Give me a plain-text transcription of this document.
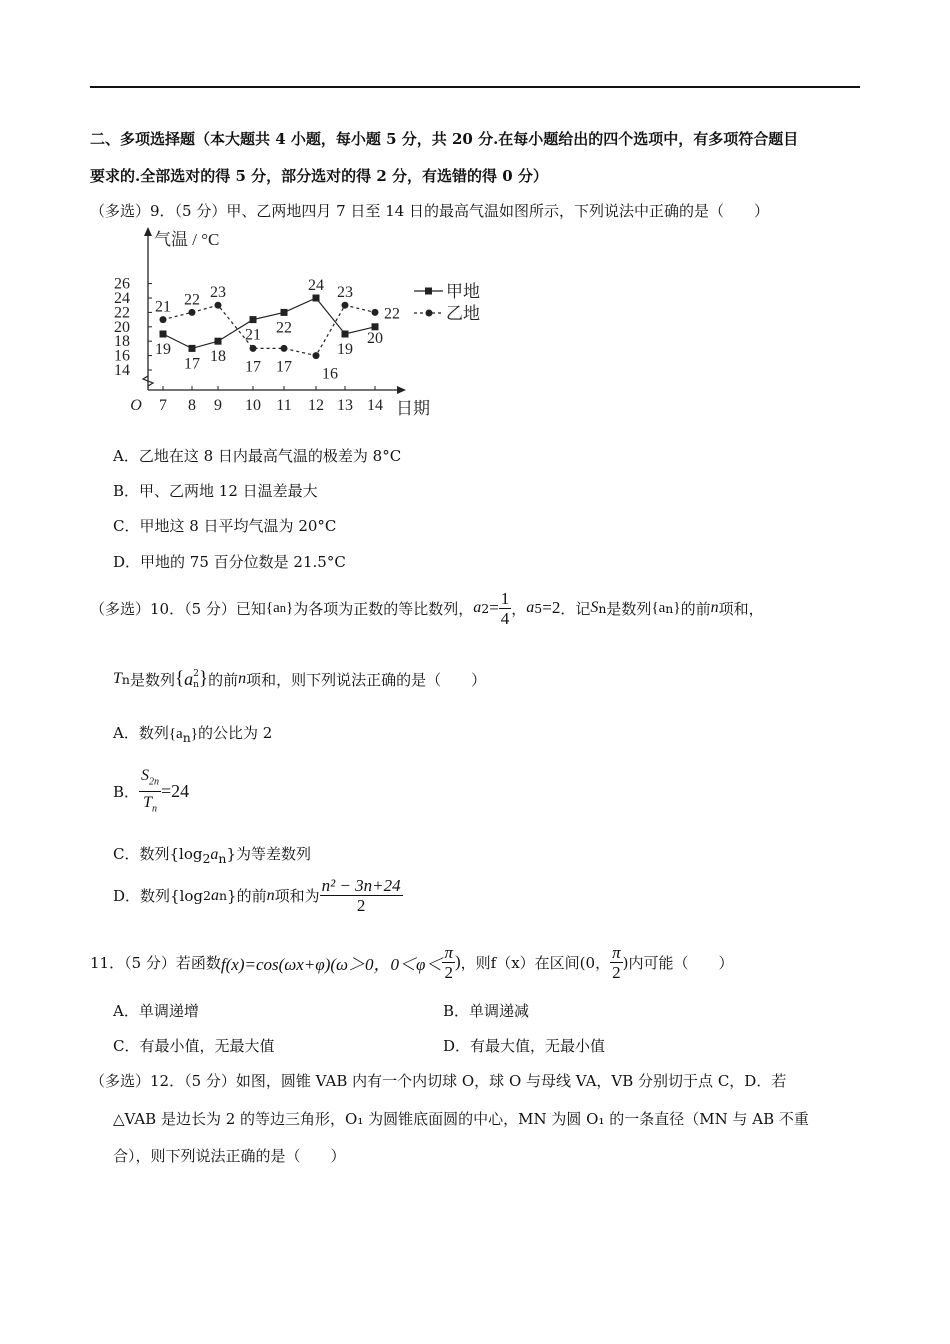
二、多项选择题（本大题共 4 小题，每小题 5 分，共 20 分.在每小题给出的四个选项中，有多项符合题目
要求的.全部选对的得 5 分，部分选对的得 2 分，有选错的得 0 分）
（多选）9．（5 分）甲、乙两地四月 7 日至 14 日的最高气温如图所示，下列说法中正确的是（　　）
14
16
18
20
22
24
26
7 8 9 10 11 12 13 14
O	日期
气温 / °C
19
17 18
21 22
24
19
20
21 22 23
17 17 16
23
22
甲地
乙地
A．乙地在这 8 日内最高气温的极差为 8°C
B．甲、乙两地 12 日温差最大
C．甲地这 8 日平均气温为 20°C
D．甲地的 75 百分位数是 21.5°C
（多选）10．（5 分）已知 {a n } 为各项为正数的等比数列， a $2 = \frac{1}{4}$ ， a 5 =2 ．记 S n 是数列 {a n } 的前 n 项和，
T n 是数列 { a 2
n } 的前 n 项和，则下列说法正确的是（　　）
A．数列$\{a_n\}$的公比为 2
B． $\frac{S_{2n}}{T_n} =24$
C．数列$\{\log_2a_n\}$为等差数列
D．数列{log 2 a n }的前 n 项和为 $\frac{\text{n² − 3n+24}}{2}$
11．（5 分）若函数 f(x)=cos(ωx+φ)(ω＞0，$0<\varphi< \frac{\pi}{2}$ ) ，则 f（x）在区间(0， $\frac{\pi}{2}$ )内可能（　　）
A．单调递增	B．单调递减
C．有最小值，无最大值	D．有最大值，无最小值
（多选）12．（5 分）如图，圆锥 VAB 内有一个内切球 O，球 O 与母线 VA，VB 分别切于点 C，D．若
△VAB 是边长为 2 的等边三角形，O₁ 为圆锥底面圆的中心，MN 为圆 O₁ 的一条直径（MN 与 AB 不重
合），则下列说法正确的是（　　）
